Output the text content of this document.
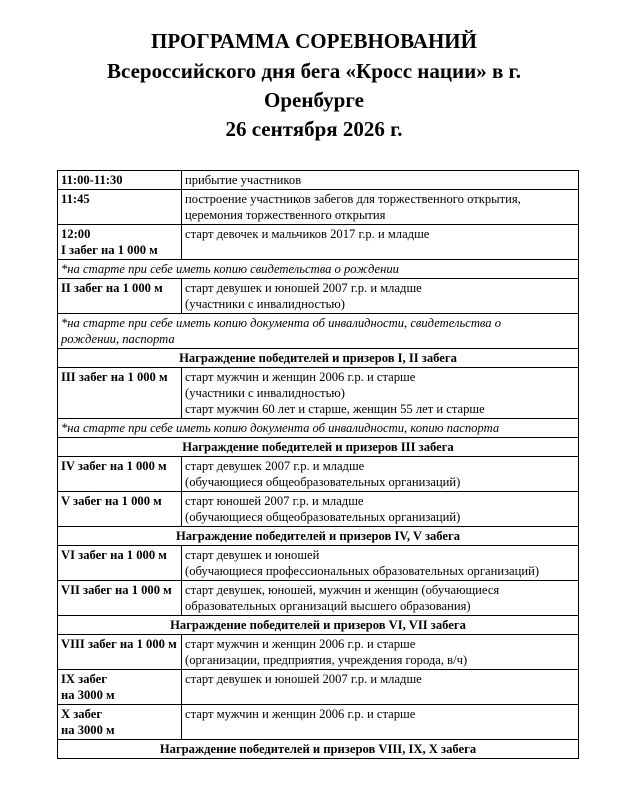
ПРОГРАММА СОРЕВНОВАНИЙ
Всероссийского дня бега «Кросс нации» в г.
Оренбурге
26 сентября 2026 г.
11:00-11:30	прибытие участников
11:45	построение участников забегов для торжественного открытия,
церемония торжественного открытия

12:00
I забег на 1 000 м	старт девочек и мальчиков 2017 г.р. и младше
*на старте при себе иметь копию свидетельства о рождении	
II забег на 1 000 м	старт девушек и юношей 2007 г.р. и младше
(участники с инвалидностью)

*на старте при себе иметь копию документа об инвалидности, свидетельства о
рождении, паспорта	

Награждение победителей и призеров I, II забега	
III забег на 1 000 м	старт мужчин и женщин 2006 г.р. и старше
(участники с инвалидностью)
старт мужчин 60 лет и старше, женщин 55 лет и старше

*на старте при себе иметь копию документа об инвалидности, копию паспорта	
Награждение победителей и призеров III забега	
IV забег на 1 000 м	старт девушек 2007 г.р. и младше
(обучающиеся общеобразовательных организаций)

V забег на 1 000 м	старт юношей 2007 г.р. и младше
(обучающиеся общеобразовательных организаций)

Награждение победителей и призеров IV, V забега	
VI забег на 1 000 м	старт девушек и юношей
(обучающиеся профессиональных образовательных организаций)

VII забег на 1 000 м	старт девушек, юношей, мужчин и женщин (обучающиеся
образовательных организаций высшего образования)

Награждение победителей и призеров VI, VII забега	
VIII забег на 1 000 м	старт мужчин и женщин 2006 г.р. и старше
(организации, предприятия, учреждения города, в/ч)

IX забег
на 3000 м	старт девушек и юношей 2007 г.р. и младше

X забег
на 3000 м	старт мужчин и женщин 2006 г.р. и старше
Награждение победителей и призеров VIII, IX, X забега	
